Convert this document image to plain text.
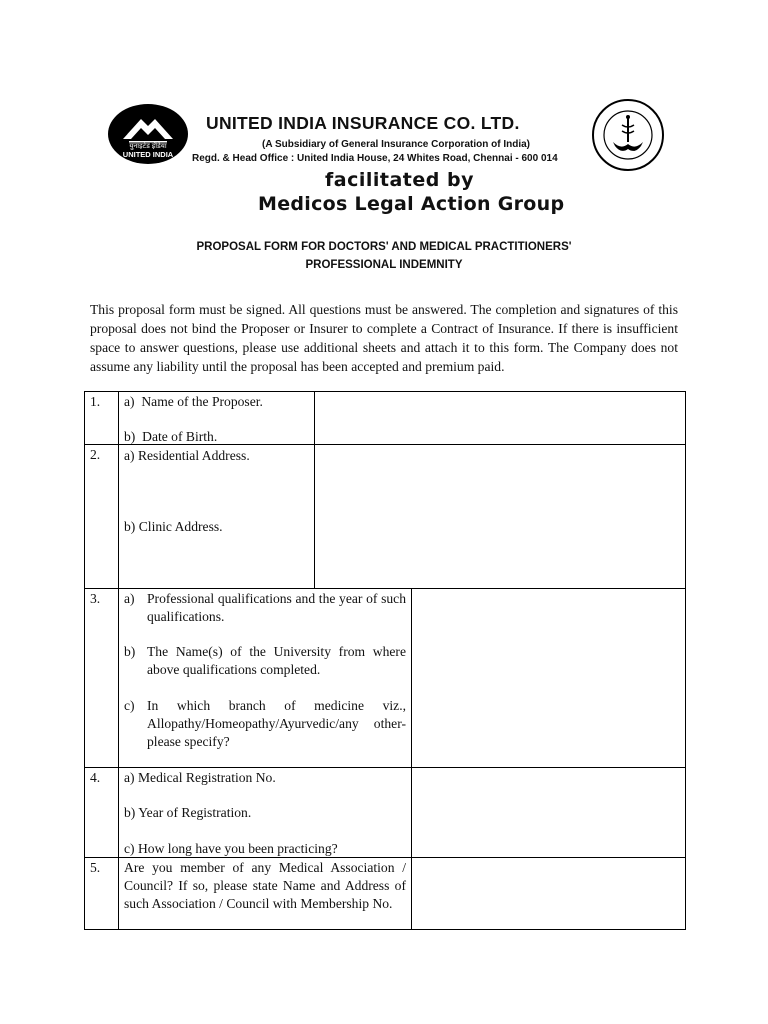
युनाइटेड इंडिया
UNITED INDIA
UNITED INDIA INSURANCE CO. LTD.
(A Subsidiary of General Insurance Corporation of India)
Regd. & Head Office : United India House, 24 Whites Road, Chennai - 600 014
facilitated by
Medicos Legal Action Group
PROPOSAL FORM FOR DOCTORS' AND MEDICAL PRACTITIONERS'
PROFESSIONAL INDEMNITY
This proposal form must be signed. All questions must be answered. The completion and signatures of this proposal does not bind the Proposer or Insurer to complete a Contract of Insurance. If there is insufficient space to answer questions, please use additional sheets and attach it to this form. The Company does not assume any liability until the proposal has been accepted and premium paid.
1. a)  Name of the Proposer.
b)  Date of Birth.
2. a) Residential Address.
b) Clinic Address.
3. a) Professional qualifications and the year of such qualifications.
b) The Name(s) of the University from where above qualifications completed.
c) In which branch of medicine viz., Allopathy/Homeopathy/Ayurvedic/any other- please specify?
4. a) Medical Registration No.
b) Year of Registration.
c) How long have you been practicing?
5. Are you member of any Medical Association / Council? If so, please state Name and Address of such Association / Council with Membership No.
